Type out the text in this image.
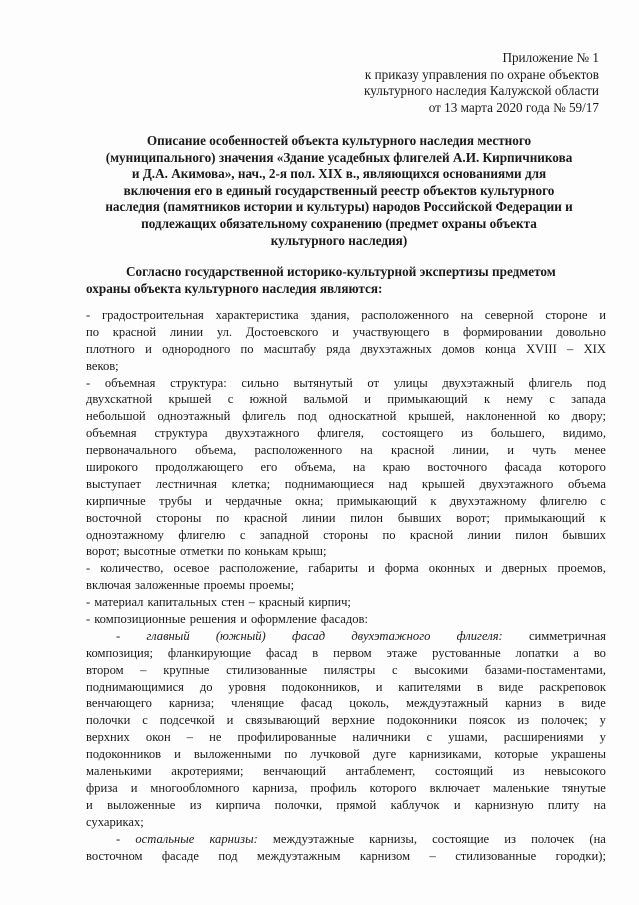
Приложение № 1
к приказу управления по охране объектов
культурного наследия Калужской области
от 13 марта 2020 года № 59/17
Описание особенностей объекта культурного наследия местного
(муниципального) значения «Здание усадебных флигелей А.И. Кирпичникова
и Д.А. Акимова», нач., 2-я пол. XIX в., являющихся основаниями для
включения его в единый государственный реестр объектов культурного
наследия (памятников истории и культуры) народов Российской Федерации и
подлежащих обязательному сохранению (предмет охраны объекта
культурного наследия)
Согласно государственной историко-культурной экспертизы предметом
охраны объекта культурного наследия являются:
- градостроительная характеристика здания, расположенного на северной стороне и
по красной линии ул. Достоевского и участвующего в формировании довольно
плотного и однородного по масштабу ряда двухэтажных домов конца XVIII – XIX
веков;
- объемная структура: сильно вытянутый от улицы двухэтажный флигель под
двухскатной крышей с южной вальмой и примыкающий к нему с запада
небольшой одноэтажный флигель под односкатной крышей, наклоненной ко двору;
объемная структура двухэтажного флигеля, состоящего из большего, видимо,
первоначального объема, расположенного на красной линии, и чуть менее
широкого продолжающего его объема, на краю восточного фасада которого
выступает лестничная клетка; поднимающиеся над крышей двухэтажного объема
кирпичные трубы и чердачные окна; примыкающий к двухэтажному флигелю с
восточной стороны по красной линии пилон бывших ворот; примыкающий к
одноэтажному флигелю с западной стороны по красной линии пилон бывших
ворот; высотные отметки по конькам крыш;
- количество, осевое расположение, габариты и форма оконных и дверных проемов,
включая заложенные проемы проемы;
- материал капитальных стен – красный кирпич;
- композиционные решения и оформление фасадов:
- главный (южный) фасад двухэтажного флигеля: симметричная
композиция; фланкирующие фасад в первом этаже рустованные лопатки а во
втором – крупные стилизованные пилястры с высокими базами-постаментами,
поднимающимися до уровня подоконников, и капителями в виде раскреповок
венчающего карниза; членящие фасад цоколь, междуэтажный карниз в виде
полочки с подсечкой и связывающий верхние подоконники поясок из полочек; у
верхних окон – не профилированные наличники с ушами, расширениями у
подоконников и выложенными по лучковой дуге карнизиками, которые украшены
маленькими акротериями; венчающий антаблемент, состоящий из невысокого
фриза и многообломного карниза, профиль которого включает маленькие тянутые
и выложенные из кирпича полочки, прямой каблучок и карнизную плиту на
сухариках;
- остальные карнизы: междуэтажные карнизы, состоящие из полочек (на
восточном фасаде под междуэтажным карнизом – стилизованные городки);
